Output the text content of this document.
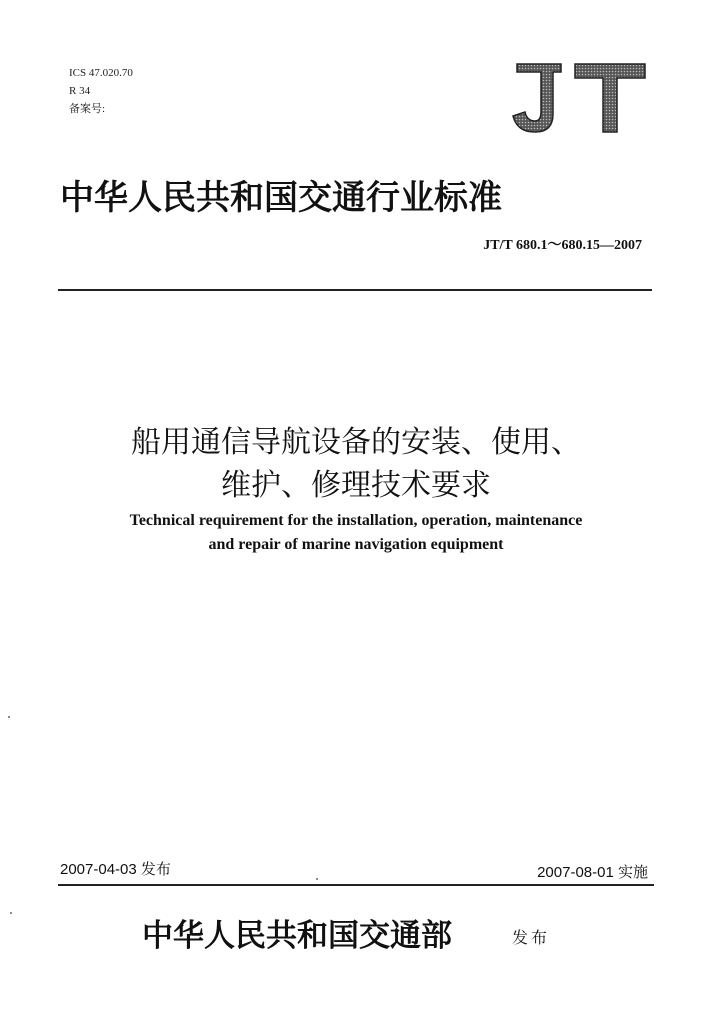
ICS 47.020.70
R 34
备案号:
中华人民共和国交通行业标准
JT/T 680.1～680.15—2007
船用通信导航设备的安装、使用、
维护、修理技术要求
Technical requirement for the installation, operation, maintenance
and repair of marine navigation equipment
2007-04-03 发布	2007-08-01 实施
中华人民共和国交通部	发布
